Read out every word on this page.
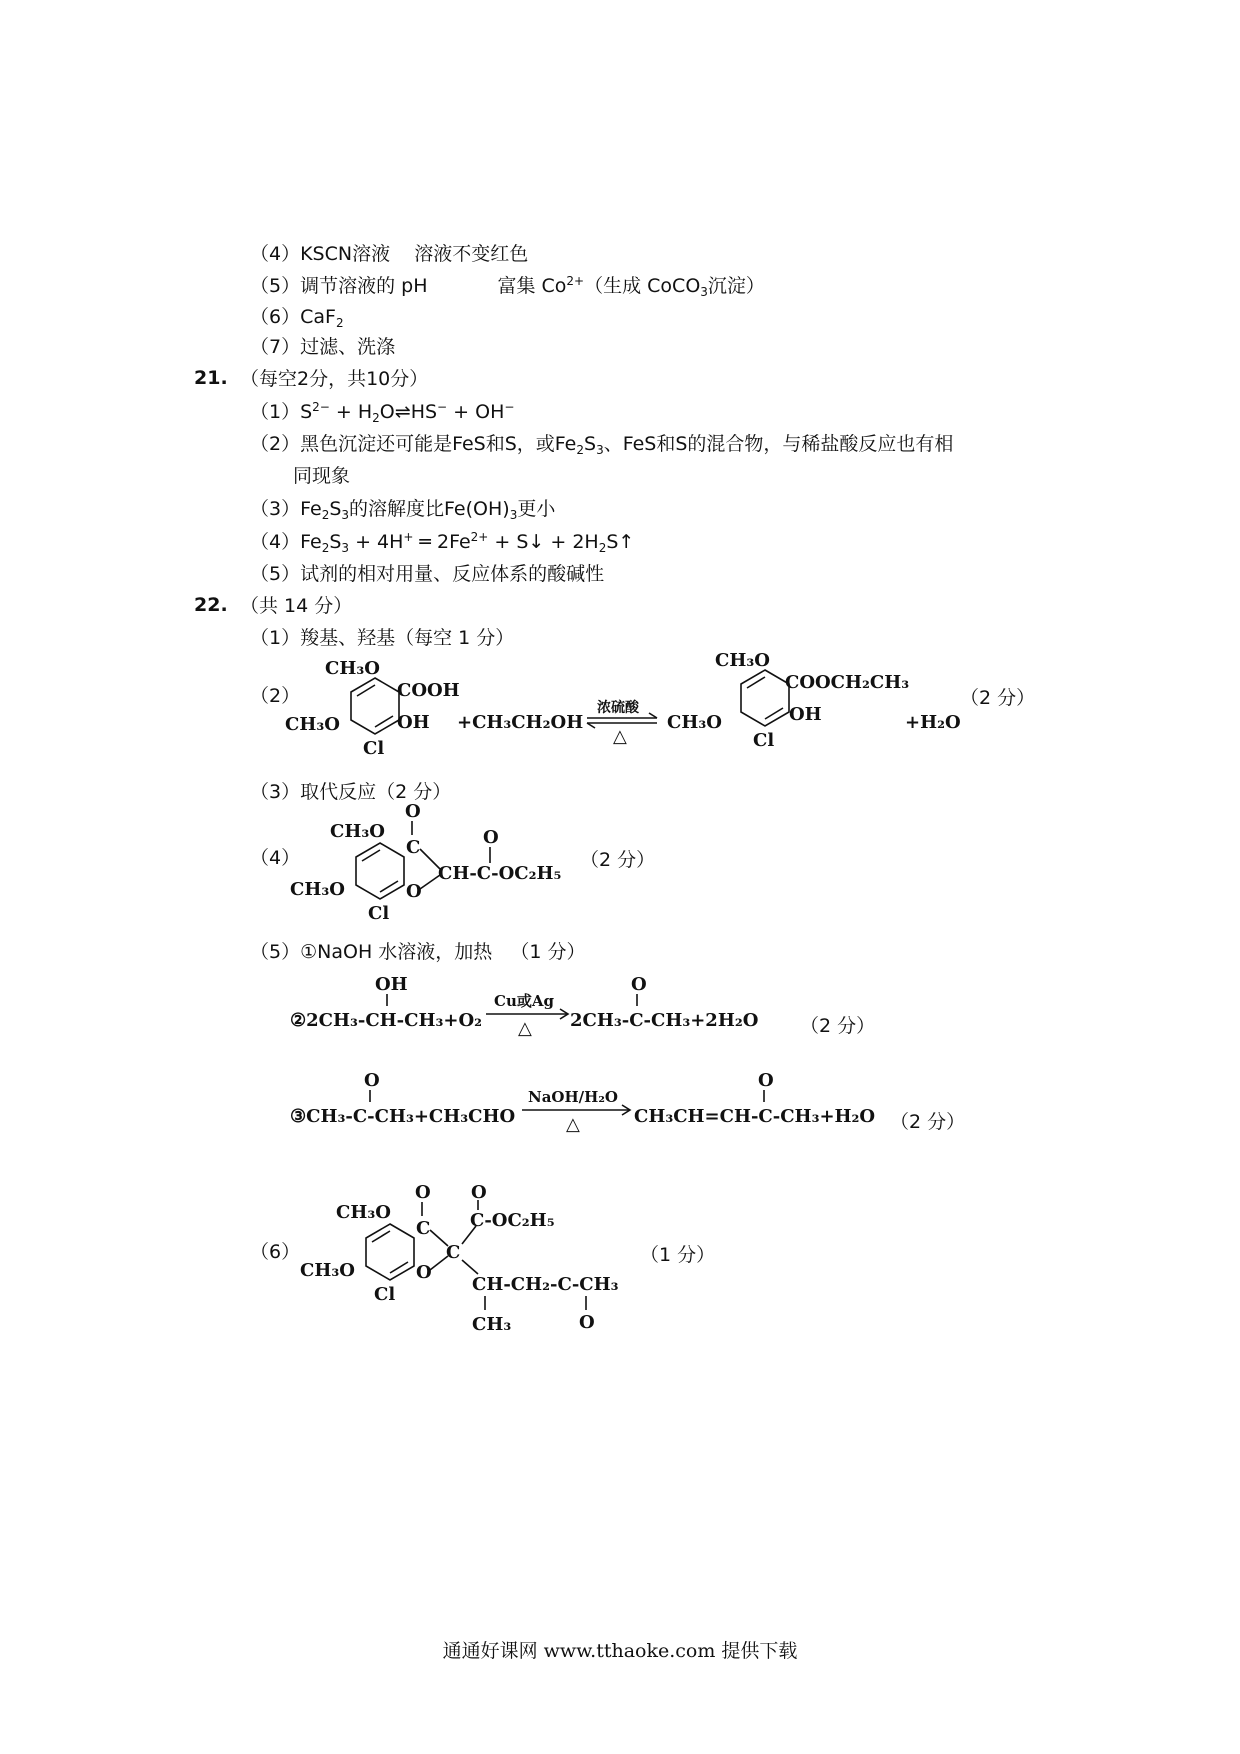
（4）KSCN溶液 溶液不变红色
（5）调节溶液的 pH	富集 $Co^{2+}$（生成 CoCO$_3$沉淀）
（6）CaF$_2$
（7）过滤、洗涤
21. （每空2分，共10分）
$(1)S^{2-}$ + $H_2O\rightleftharpoons HS^- + OH^-$
（2）黑色沉淀还可能是FeS和S，或$Fe_2S_3$、FeS和S的混合物，与稀盐酸反应也有相
同现象
$(3)Fe_2S_3$的溶解度比$Fe(OH)_3$更小
$(4)Fe_2S_3 + 4H^+$ ═ $2Fe^{2+}$ + S↓ + $2H_2S↑$
（5）试剂的相对用量、反应体系的酸碱性
22. （共 14 分）
（1）羧基、羟基（每空 1 分）
（2）
CH₃O
COOH
CH₃O	OH
Cl
+CH₃CH₂OH
浓硫酸
△
CH₃O
CH₃O
COOCH₂CH₃
OH
Cl
+H₂O
（2 分）
（3）取代反应（2 分）
（4）
CH₃O
CH₃O
Cl
C
O
O
CH-C-OC₂H₅
O
（2 分）
（5）①NaOH 水溶液，加热 （1 分）
OH
②2CH₃-CH-CH₃+O₂
Cu或Ag
△
O
2CH₃-C-CH₃+2H₂O （2 分）
O
③CH₃-C-CH₃+CH₃CHO
NaOH/H₂O
△
O
CH₃CH=CH-C-CH₃+H₂O （2 分）
（6）
CH₃O
CH₃O
Cl
C
O
O
C
C-OC₂H₅
O
CH-CH₂-C-CH₃
CH₃	O
（1 分）
通通好课网 www.tthaoke.com 提供下载
